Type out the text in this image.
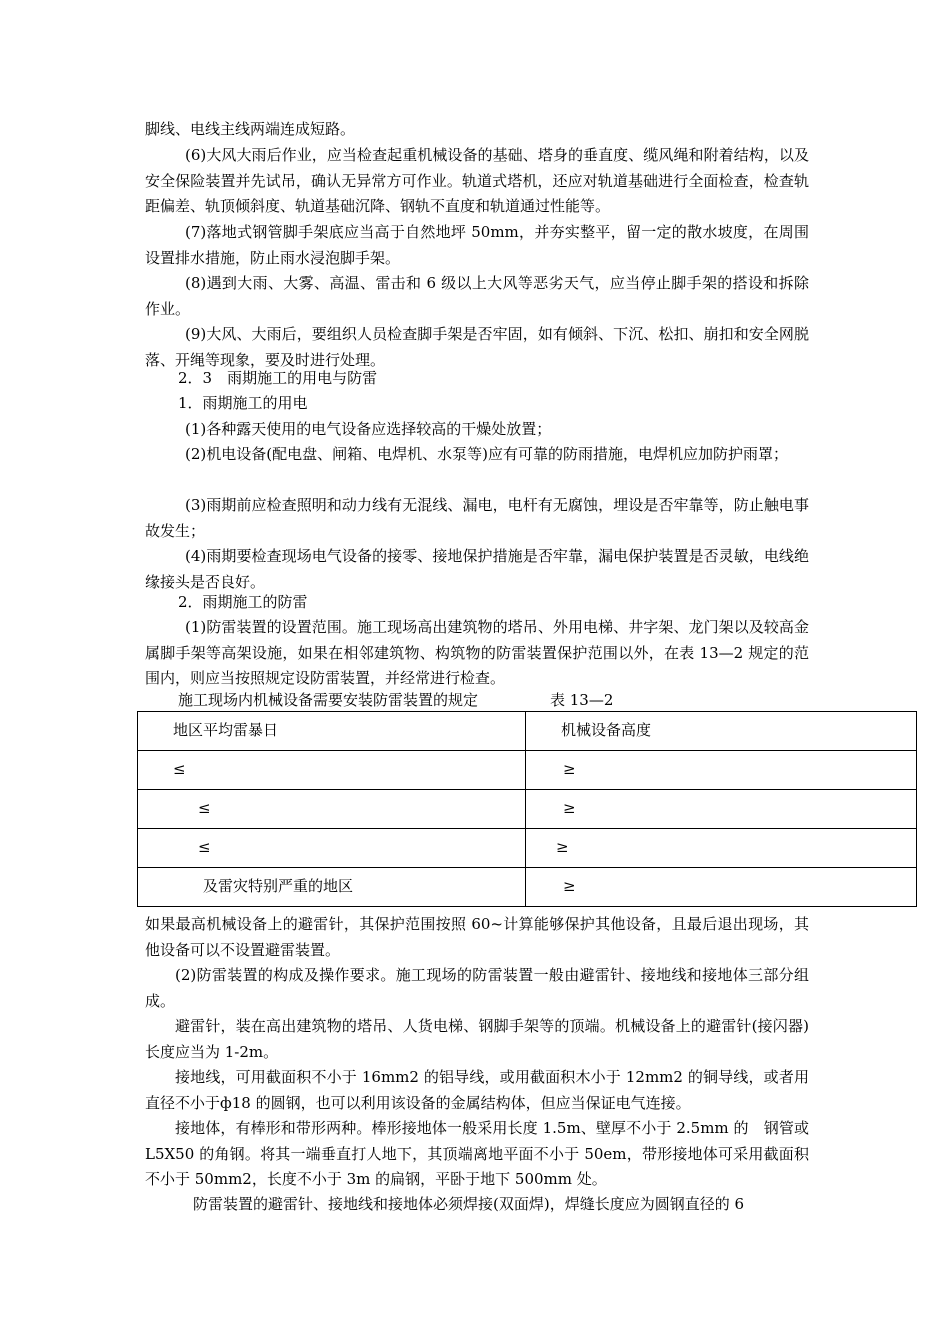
脚线、电线主线两端连成短路。

(6)大风大雨后作业，应当检查起重机械设备的基础、塔身的垂直度、缆风绳和附着结构，以及安全保险装置并先试吊，确认无异常方可作业。轨道式塔机，还应对轨道基础进行全面检查，检查轨距偏差、轨顶倾斜度、轨道基础沉降、钢轨不直度和轨道通过性能等。

(7)落地式钢管脚手架底应当高于自然地坪 50mm，并夯实整平，留一定的散水坡度，在周围设置排水措施，防止雨水浸泡脚手架。

(8)遇到大雨、大雾、高温、雷击和 6 级以上大风等恶劣天气，应当停止脚手架的搭设和拆除作业。

(9)大风、大雨后，要组织人员检查脚手架是否牢固，如有倾斜、下沉、松扣、崩扣和安全网脱落、开绳等现象，要及时进行处理。

2．3　雨期施工的用电与防雷

1．雨期施工的用电

(1)各种露天使用的电气设备应选择较高的干燥处放置；

(2)机电设备(配电盘、闸箱、电焊机、水泵等)应有可靠的防雨措施，电焊机应加防护雨罩；

(3)雨期前应检查照明和动力线有无混线、漏电，电杆有无腐蚀，埋设是否牢靠等，防止触电事故发生；

(4)雨期要检查现场电气设备的接零、接地保护措施是否牢靠，漏电保护装置是否灵敏，电线绝缘接头是否良好。

2．雨期施工的防雷

(1)防雷装置的设置范围。施工现场高出建筑物的塔吊、外用电梯、井字架、龙门架以及较高金属脚手架等高架设施，如果在相邻建筑物、构筑物的防雷装置保护范围以外，在表 13—2 规定的范围内，则应当按照规定设防雷装置，并经常进行检查。

施工现场内机械设备需要安装防雷装置的规定	表 13—2

地区平均雷暴日	机械设备高度
≤	≥
≤	≥
≤	≥
及雷灾特别严重的地区	≥

如果最高机械设备上的避雷针，其保护范围按照 60~计算能够保护其他设备，且最后退出现场，其他设备可以不设置避雷装置。

(2)防雷装置的构成及操作要求。施工现场的防雷装置一般由避雷针、接地线和接地体三部分组成。

避雷针，装在高出建筑物的塔吊、人货电梯、钢脚手架等的顶端。机械设备上的避雷针(接闪器)长度应当为 1-2m。

接地线，可用截面积不小于 16mm2 的铝导线，或用截面积木小于 12mm2 的铜导线，或者用直径不小于ф18 的圆钢，也可以利用该设备的金属结构体，但应当保证电气连接。

接地体，有棒形和带形两种。棒形接地体一般采用长度 1.5m、壁厚不小于 2.5mm 的　钢管或 L5X50 的角钢。将其一端垂直打人地下，其顶端离地平面不小于 50em，带形接地体可采用截面积不小于 50mm2，长度不小于 3m 的扁钢，平卧于地下 500mm 处。

防雷装置的避雷针、接地线和接地体必须焊接(双面焊)，焊缝长度应为圆钢直径的 6
